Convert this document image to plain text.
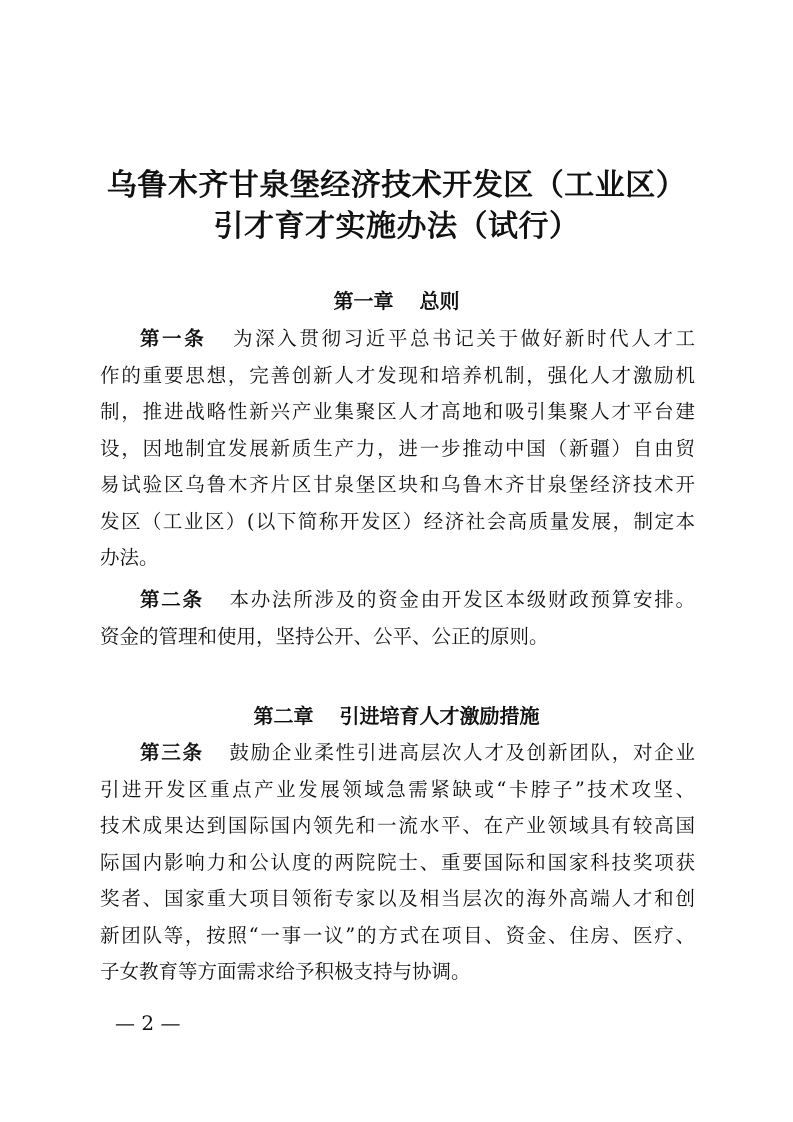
乌鲁木齐甘泉堡经济技术开发区（工业区）
引才育才实施办法（试行）
第一章 总则
第一条 为深入贯彻习近平总书记关于做好新时代人才工
作的重要思想，完善创新人才发现和培养机制，强化人才激励机
制，推进战略性新兴产业集聚区人才高地和吸引集聚人才平台建
设，因地制宜发展新质生产力，进一步推动中国（新疆）自由贸
易试验区乌鲁木齐片区甘泉堡区块和乌鲁木齐甘泉堡经济技术开
发区（工业区）(以下简称开发区）经济社会高质量发展，制定本
办法。
第二条 本办法所涉及的资金由开发区本级财政预算安排。
资金的管理和使用，坚持公开、公平、公正的原则。
第二章 引进培育人才激励措施
第三条 鼓励企业柔性引进高层次人才及创新团队，对企业
引进开发区重点产业发展领域急需紧缺或“卡脖子”技术攻坚、
技术成果达到国际国内领先和一流水平、在产业领域具有较高国
际国内影响力和公认度的两院院士、重要国际和国家科技奖项获
奖者、国家重大项目领衔专家以及相当层次的海外高端人才和创
新团队等，按照“一事一议”的方式在项目、资金、住房、医疗、
子女教育等方面需求给予积极支持与协调。
— 2 —
